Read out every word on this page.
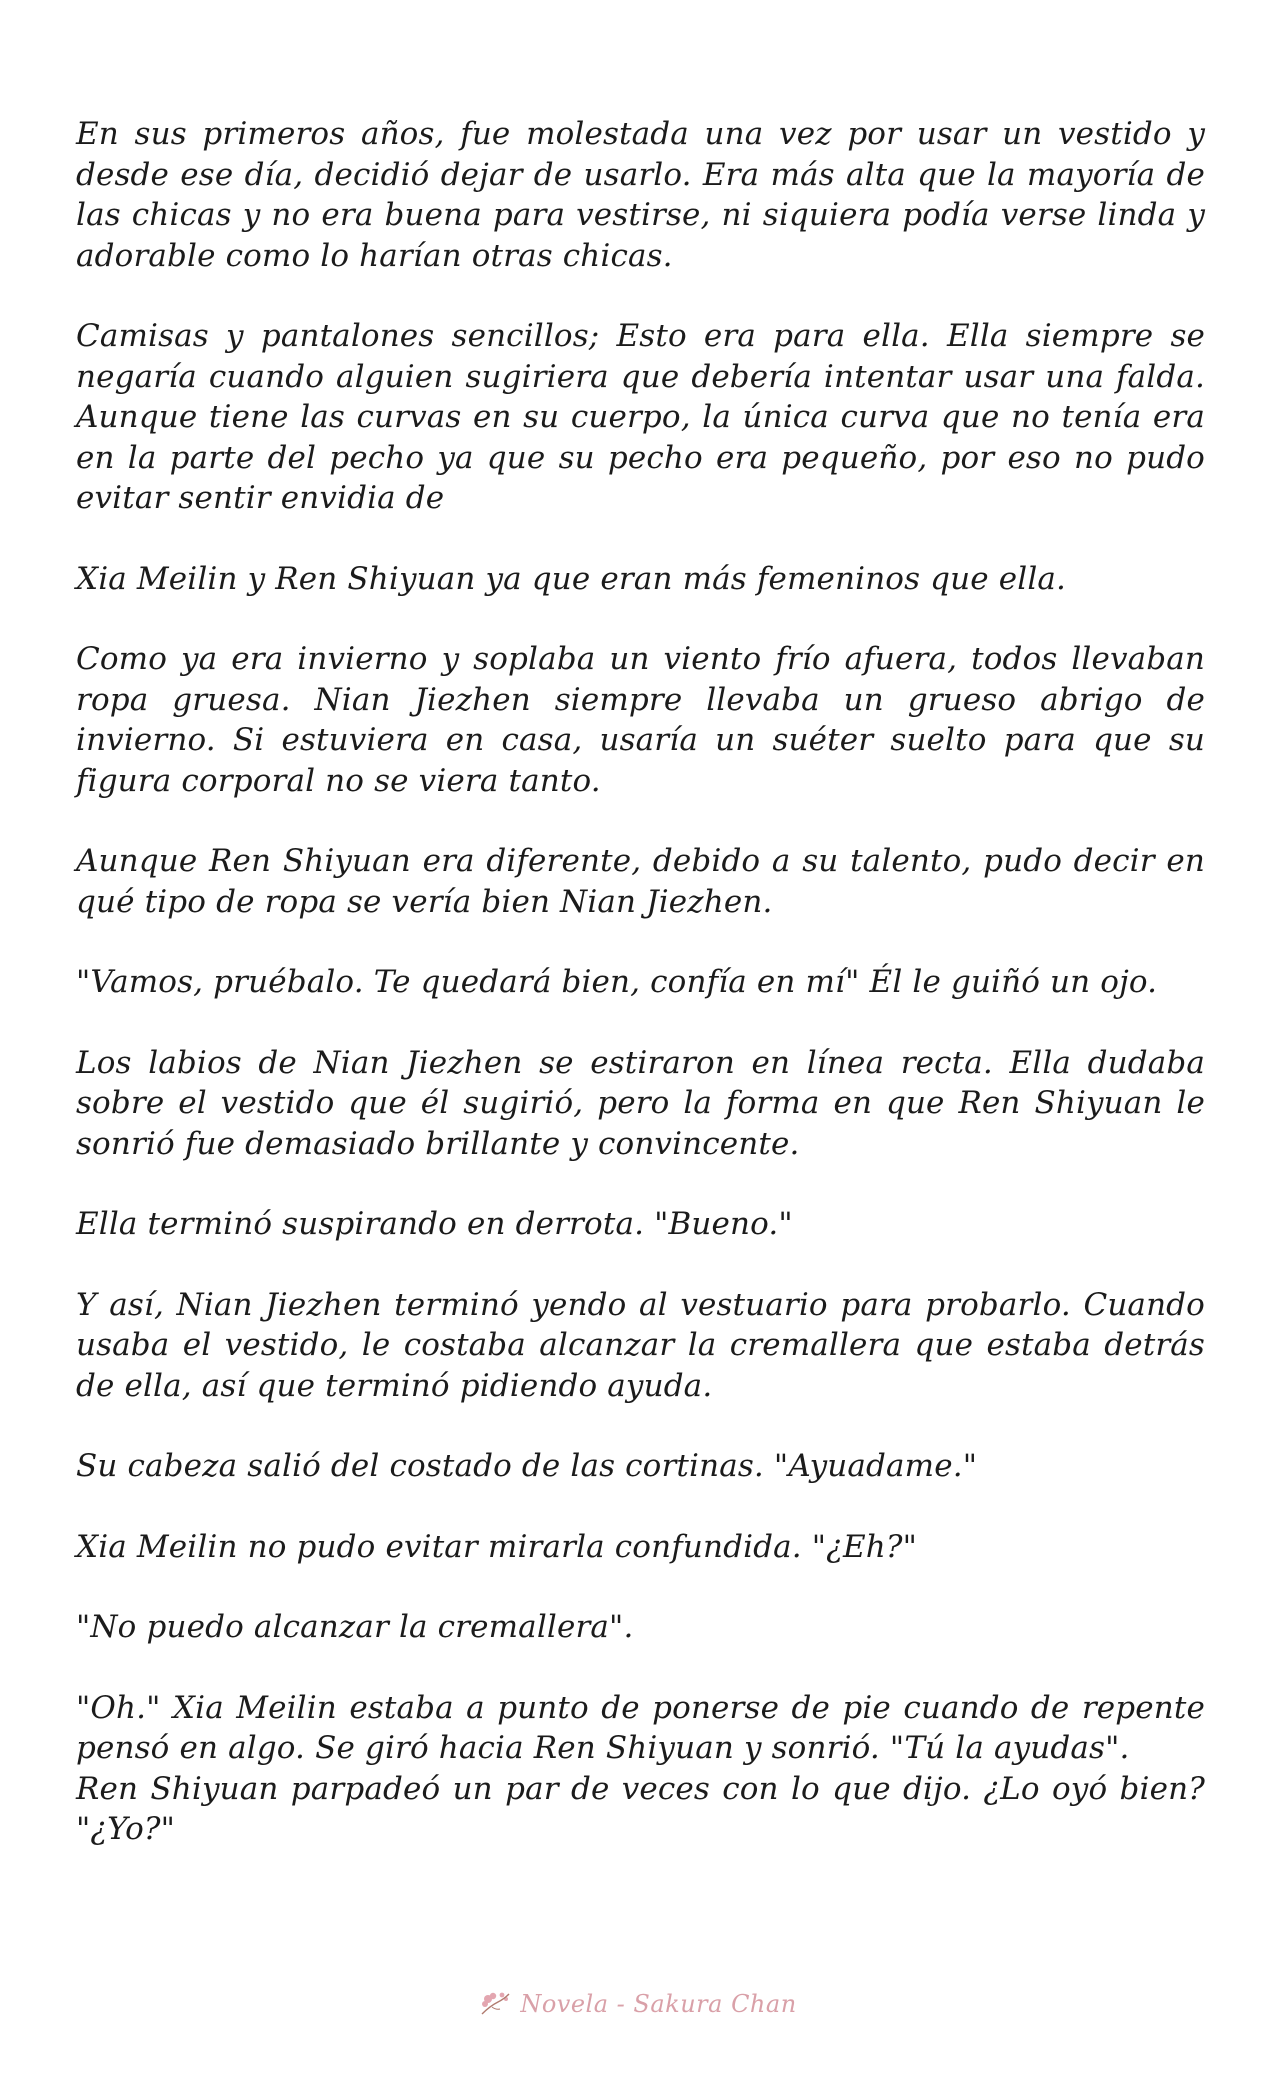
En sus primeros años, fue molestada una vez por usar un vestido y desde ese día, decidió dejar de usarlo. Era más alta que la mayoría de las chicas y no era buena para vestirse, ni siquiera podía verse linda y adorable como lo harían otras chicas.

Camisas y pantalones sencillos; Esto era para ella. Ella siempre se negaría cuando alguien sugiriera que debería intentar usar una falda. Aunque tiene las curvas en su cuerpo, la única curva que no tenía era en la parte del pecho ya que su pecho era pequeño, por eso no pudo evitar sentir envidia de

Xia Meilin y Ren Shiyuan ya que eran más femeninos que ella.

Como ya era invierno y soplaba un viento frío afuera, todos llevaban ropa gruesa. Nian Jiezhen siempre llevaba un grueso abrigo de invierno. Si estuviera en casa, usaría un suéter suelto para que su figura corporal no se viera tanto.

Aunque Ren Shiyuan era diferente, debido a su talento, pudo decir en qué tipo de ropa se vería bien Nian Jiezhen.

"Vamos, pruébalo. Te quedará bien, confía en mí" Él le guiñó un ojo.

Los labios de Nian Jiezhen se estiraron en línea recta. Ella dudaba sobre el vestido que él sugirió, pero la forma en que Ren Shiyuan le sonrió fue demasiado brillante y convincente.

Ella terminó suspirando en derrota. "Bueno."

Y así, Nian Jiezhen terminó yendo al vestuario para probarlo. Cuando usaba el vestido, le costaba alcanzar la cremallera que estaba detrás de ella, así que terminó pidiendo ayuda.

Su cabeza salió del costado de las cortinas. "Ayuadame."

Xia Meilin no pudo evitar mirarla confundida. "¿Eh?"

"No puedo alcanzar la cremallera".

"Oh." Xia Meilin estaba a punto de ponerse de pie cuando de repente pensó en algo. Se giró hacia Ren Shiyuan y sonrió. "Tú la ayudas".

Ren Shiyuan parpadeó un par de veces con lo que dijo. ¿Lo oyó bien? "¿Yo?"

Novela - Sakura Chan
